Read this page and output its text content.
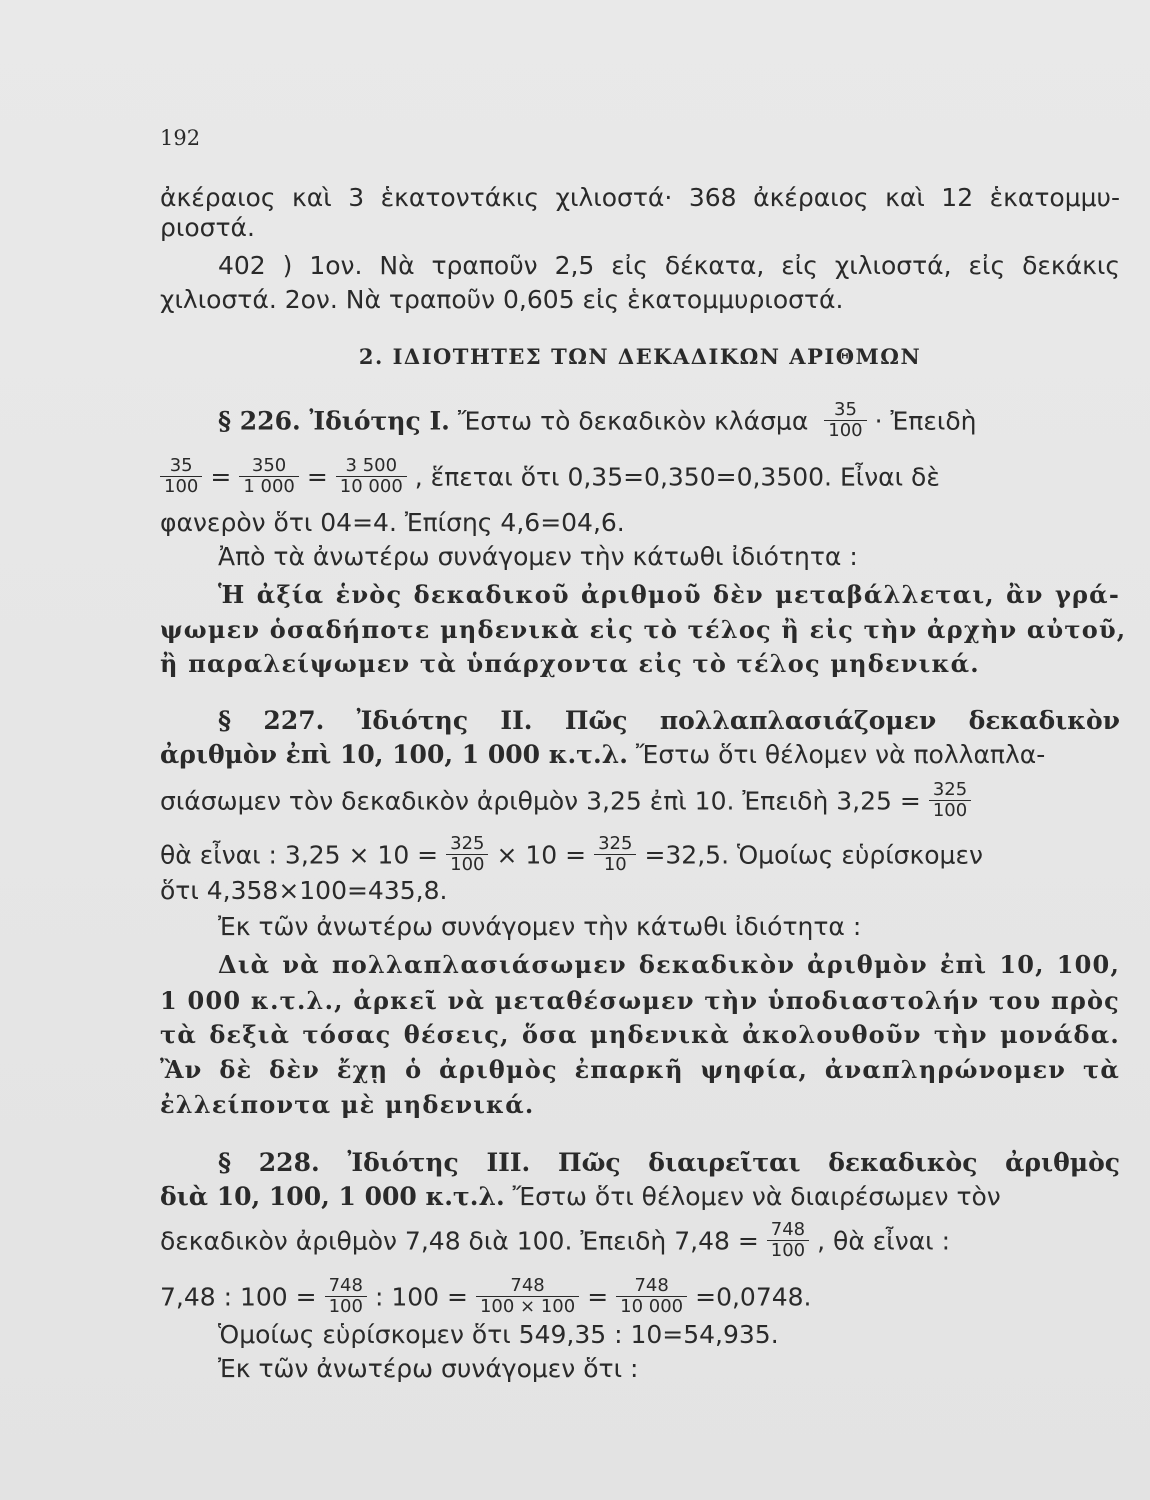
192
ἀκέραιος καὶ 3 ἑκατοντάκις χιλιοστά· 368 ἀκέραιος καὶ 12 ἑκατομμυ-
ριοστά.
402 ) 1ον. Νὰ τραποῦν 2,5 εἰς δέκατα, εἰς χιλιοστά, εἰς δεκάκις
χιλιοστά. 2ον. Νὰ τραποῦν 0,605 εἰς ἑκατομμυριοστά.
2. ΙΔΙΟΤΗΤΕΣ ΤΩΝ ΔΕΚΑΔΙΚΩΝ ΑΡΙΘΜΩΝ
§ 226. Ἰδιότης Ι. Ἔστω τὸ δεκαδικὸν κλάσμα $\frac{35}{100}$ · Ἐπειδὴ
$\frac{35}{100} = \frac{350}{1 000} = \frac{3 500}{10 000}$ , ἕπεται ὅτι 0,35=0,350=0,3500. Εἶναι δὲ
φανερὸν ὅτι 04=4. Ἐπίσης 4,6=04,6.
Ἀπὸ τὰ ἀνωτέρω συνάγομεν τὴν κάτωθι ἰδιότητα :
Ἡ ἀξία ἑνὸς δεκαδικοῦ ἀριθμοῦ δὲν μεταβάλλεται, ἂν γρά-
ψωμεν ὁσαδήποτε μηδενικὰ εἰς τὸ τέλος ἢ εἰς τὴν ἀρχὴν αὐτοῦ,
ἢ παραλείψωμεν τὰ ὑπάρχοντα εἰς τὸ τέλος μηδενικά.
§ 227. Ἰδιότης ΙΙ. Πῶς πολλαπλασιάζομεν δεκαδικὸν
ἀριθμὸν ἐπὶ 10, 100, 1 000 κ.τ.λ. Ἔστω ὅτι θέλομεν νὰ πολλαπλα-
σιάσωμεν τὸν δεκαδικὸν ἀριθμὸν 3,25 ἐπὶ 10. Ἐπειδὴ $3,25 = \frac{325}{100}$
θὰ εἶναι : $3,25 \times 10 = \frac{325}{100} \times 10 = \frac{325}{10} =32,5$. Ὁμοίως εὑρίσκομεν
ὅτι 4,358×100=435,8.
Ἐκ τῶν ἀνωτέρω συνάγομεν τὴν κάτωθι ἰδιότητα :
Διὰ νὰ πολλαπλασιάσωμεν δεκαδικὸν ἀριθμὸν ἐπὶ 10, 100,
1 000 κ.τ.λ., ἀρκεῖ νὰ μεταθέσωμεν τὴν ὑποδιαστολήν του πρὸς
τὰ δεξιὰ τόσας θέσεις, ὅσα μηδενικὰ ἀκολουθοῦν τὴν μονάδα.
Ἂν δὲ δὲν ἔχῃ ὁ ἀριθμὸς ἐπαρκῆ ψηφία, ἀναπληρώνομεν τὰ
ἐλλείποντα μὲ μηδενικά.
§ 228. Ἰδιότης ΙΙΙ. Πῶς διαιρεῖται δεκαδικὸς ἀριθμὸς
διὰ 10, 100, 1 000 κ.τ.λ. Ἔστω ὅτι θέλομεν νὰ διαιρέσωμεν τὸν
δεκαδικὸν ἀριθμὸν 7,48 διὰ 100. Ἐπειδὴ $7,48 = \frac{748}{100}$ , θὰ εἶναι :
7,48 : $100 = \frac{748}{100}$ : $100 = \frac{748}{100 \times 100} = \frac{748}{10 000} =0,0748$.
Ὁμοίως εὑρίσκομεν ὅτι 549,35 : 10=54,935.
Ἐκ τῶν ἀνωτέρω συνάγομεν ὅτι :
